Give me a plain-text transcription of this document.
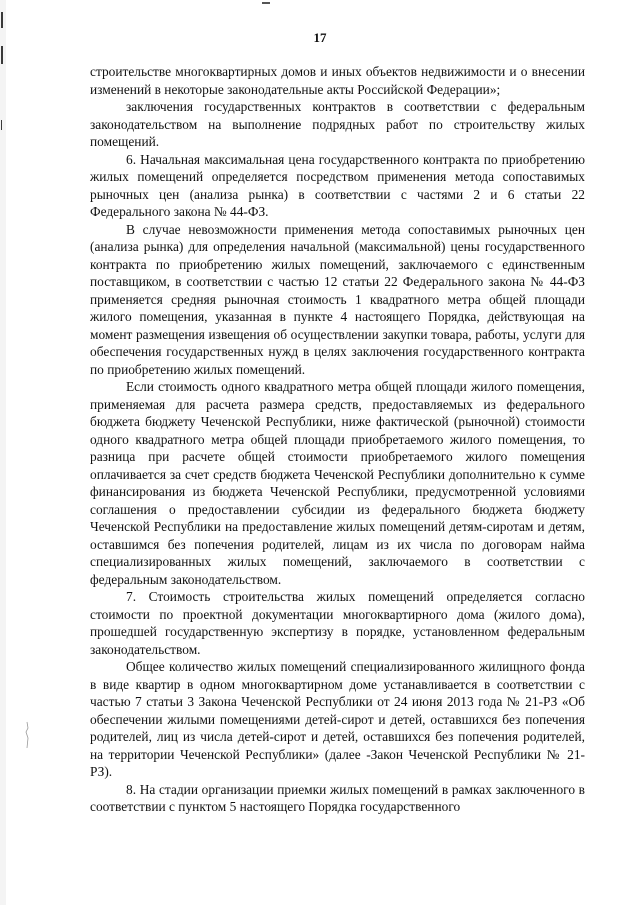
17

строительстве многоквартирных домов и иных объектов недвижимости и о внесении изменений в некоторые законодательные акты Российской Федерации»;

заключения государственных контрактов в соответствии с федеральным законодательством на выполнение подрядных работ по строительству жилых помещений.

6. Начальная максимальная цена государственного контракта по приобретению жилых помещений определяется посредством применения метода сопоставимых рыночных цен (анализа рынка) в соответствии с частями 2 и 6 статьи 22 Федерального закона № 44-ФЗ.

В случае невозможности применения метода сопоставимых рыночных цен (анализа рынка) для определения начальной (максимальной) цены государственного контракта по приобретению жилых помещений, заключаемого с единственным поставщиком, в соответствии с частью 12 статьи 22 Федерального закона № 44-ФЗ применяется средняя рыночная стоимость 1 квадратного метра общей площади жилого помещения, указанная в пункте 4 настоящего Порядка, действующая на момент размещения извещения об осуществлении закупки товара, работы, услуги для обеспечения государственных нужд в целях заключения государственного контракта по приобретению жилых помещений.

Если стоимость одного квадратного метра общей площади жилого помещения, применяемая для расчета размера средств, предоставляемых из федерального бюджета бюджету Чеченской Республики, ниже фактической (рыночной) стоимости одного квадратного метра общей площади приобретаемого жилого помещения, то разница при расчете общей стоимости приобретаемого жилого помещения оплачивается за счет средств бюджета Чеченской Республики дополнительно к сумме финансирования из бюджета Чеченской Республики, предусмотренной условиями соглашения о предоставлении субсидии из федерального бюджета бюджету Чеченской Республики на предоставление жилых помещений детям-сиротам и детям, оставшимся без попечения родителей, лицам из их числа по договорам найма специализированных жилых помещений, заключаемого в соответствии с федеральным законодательством.

7. Стоимость строительства жилых помещений определяется согласно стоимости по проектной документации многоквартирного дома (жилого дома), прошедшей государственную экспертизу в порядке, установленном федеральным законодательством.

Общее количество жилых помещений специализированного жилищного фонда в виде квартир в одном многоквартирном доме устанавливается в соответствии с частью 7 статьи 3 Закона Чеченской Республики от 24 июня 2013 года № 21-РЗ «Об обеспечении жилыми помещениями детей-сирот и детей, оставшихся без попечения родителей, лиц из числа детей-сирот и детей, оставшихся без попечения родителей, на территории Чеченской Республики» (далее -Закон Чеченской Республики № 21-РЗ).

8. На стадии организации приемки жилых помещений в рамках заключенного в соответствии с пунктом 5 настоящего Порядка государственного
